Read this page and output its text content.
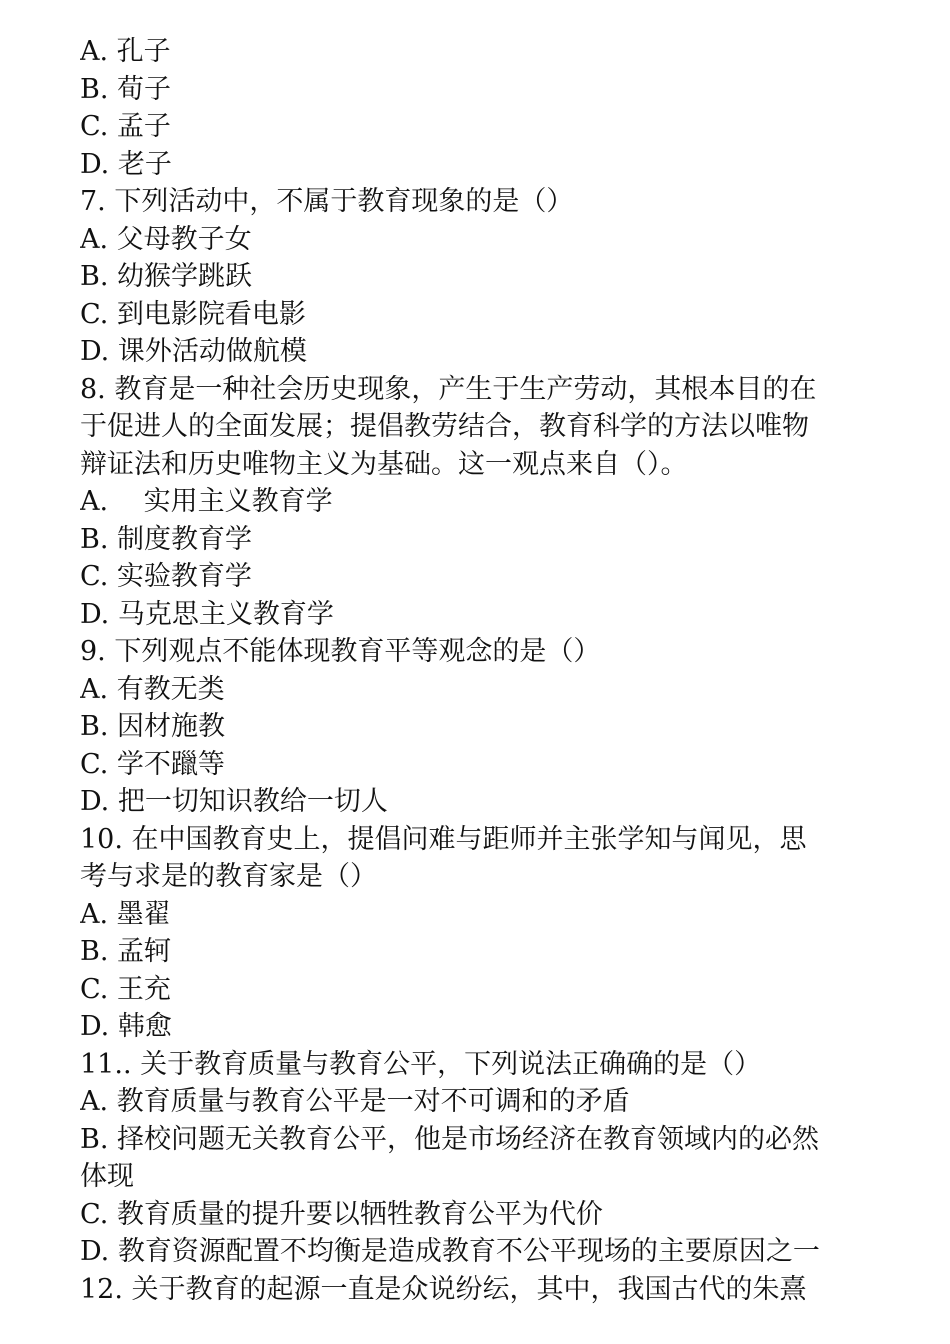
A. 孔子
B. 荀子
C. 孟子
D. 老子
7. 下列活动中，不属于教育现象的是（）
A. 父母教子女
B. 幼猴学跳跃
C. 到电影院看电影
D. 课外活动做航模
8. 教育是一种社会历史现象，产生于生产劳动，其根本目的在
于促进人的全面发展；提倡教劳结合，教育科学的方法以唯物
辩证法和历史唯物主义为基础。这一观点来自（）。
A.　 实用主义教育学
B. 制度教育学
C. 实验教育学
D. 马克思主义教育学
9. 下列观点不能体现教育平等观念的是（）
A. 有教无类
B. 因材施教
C. 学不躐等
D. 把一切知识教给一切人
10. 在中国教育史上，提倡问难与距师并主张学知与闻见，思
考与求是的教育家是（）
A. 墨翟
B. 孟轲
C. 王充
D. 韩愈
11.. 关于教育质量与教育公平，下列说法正确确的是（）
A. 教育质量与教育公平是一对不可调和的矛盾
B. 择校问题无关教育公平，他是市场经济在教育领域内的必然
体现
C. 教育质量的提升要以牺牲教育公平为代价
D. 教育资源配置不均衡是造成教育不公平现场的主要原因之一
12. 关于教育的起源一直是众说纷纭，其中，我国古代的朱熹
